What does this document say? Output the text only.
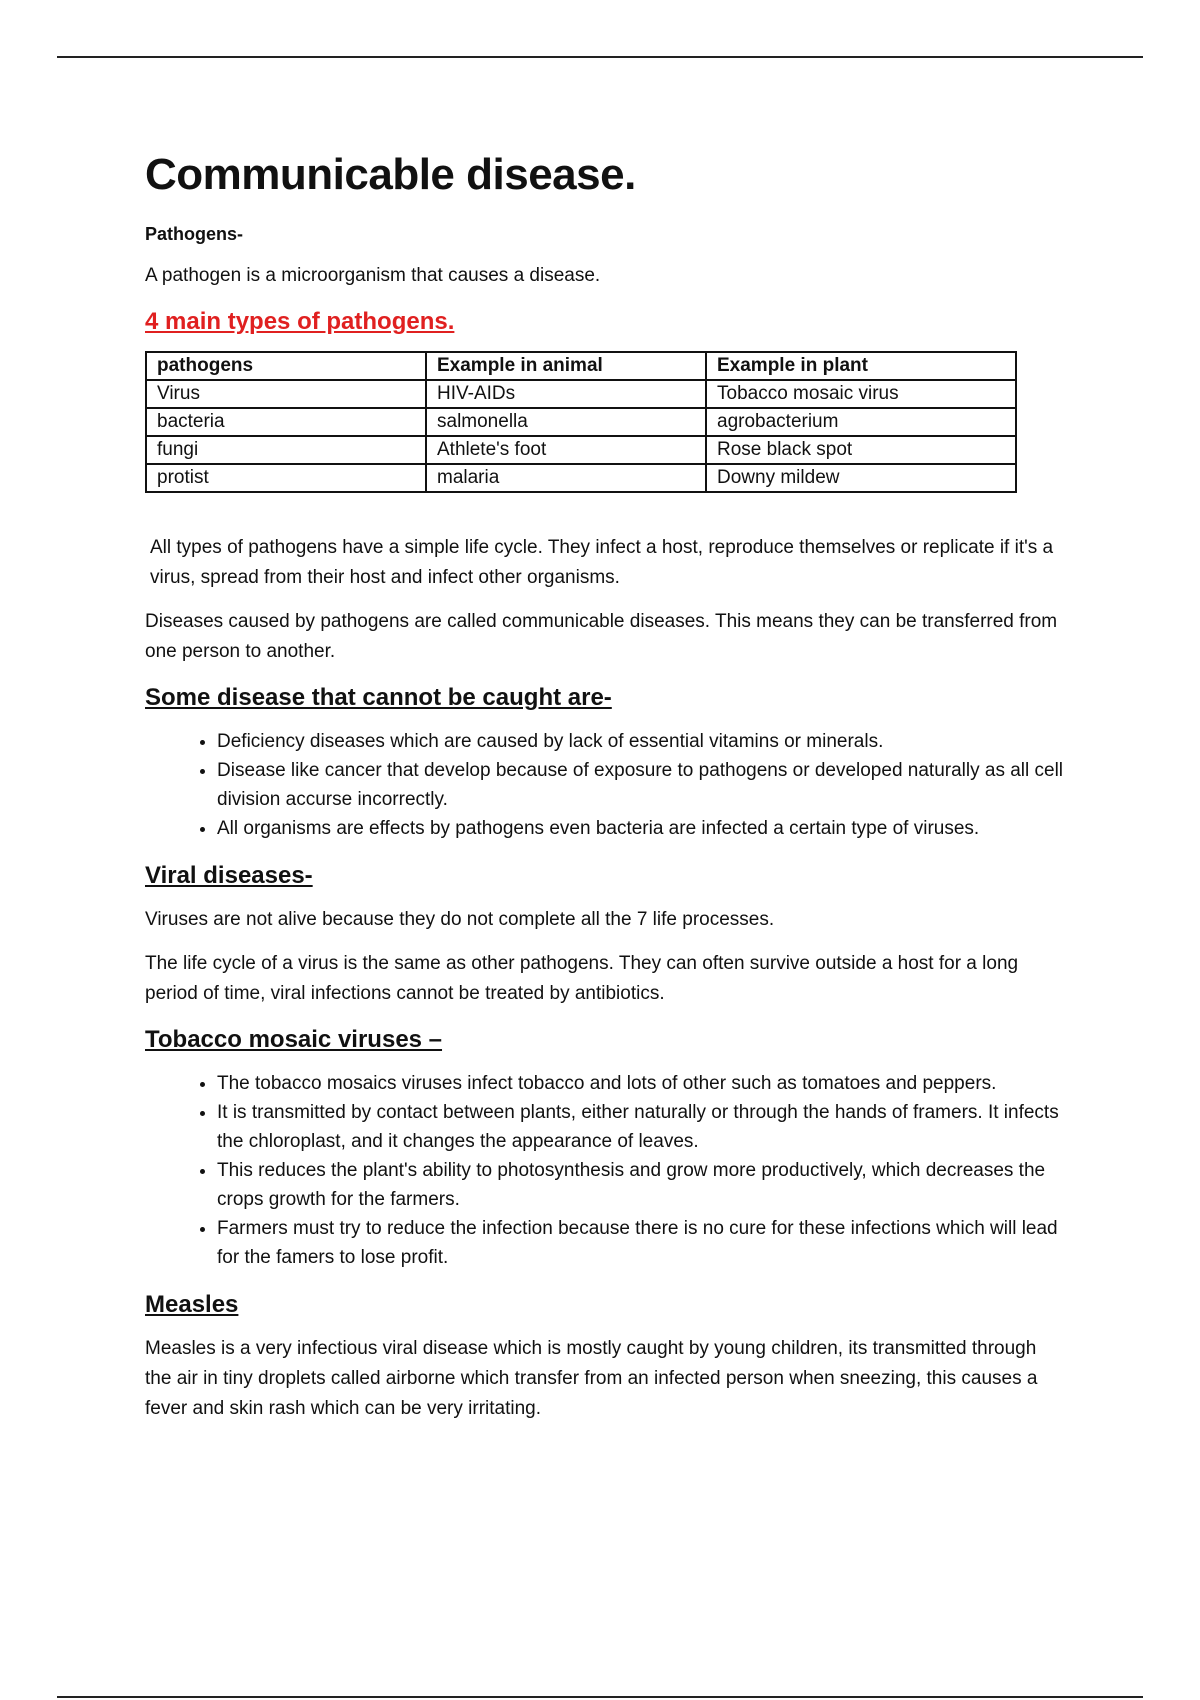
Communicable disease.
Pathogens-

A pathogen is a microorganism that causes a disease.

4 main types of pathogens.
pathogens	Example in animal	Example in plant
Virus	HIV-AIDs	Tobacco mosaic virus
bacteria	salmonella	agrobacterium
fungi	Athlete's foot	Rose black spot
protist	malaria	Downy mildew

All types of pathogens have a simple life cycle. They infect a host, reproduce themselves or replicate if it's a virus, spread from their host and infect other organisms.

Diseases caused by pathogens are called communicable diseases. This means they can be transferred from one person to another.

Some disease that cannot be caught are-
• Deficiency diseases which are caused by lack of essential vitamins or minerals.
• Disease like cancer that develop because of exposure to pathogens or developed naturally as all cell division accurse incorrectly.
• All organisms are effects by pathogens even bacteria are infected a certain type of viruses.
Viral diseases-

Viruses are not alive because they do not complete all the 7 life processes.

The life cycle of a virus is the same as other pathogens. They can often survive outside a host for a long period of time, viral infections cannot be treated by antibiotics.

Tobacco mosaic viruses –
• The tobacco mosaics viruses infect tobacco and lots of other such as tomatoes and peppers.
• It is transmitted by contact between plants, either naturally or through the hands of framers. It infects the chloroplast, and it changes the appearance of leaves.
• This reduces the plant's ability to photosynthesis and grow more productively, which decreases the crops growth for the farmers.
• Farmers must try to reduce the infection because there is no cure for these infections which will lead for the famers to lose profit.
Measles

Measles is a very infectious viral disease which is mostly caught by young children, its transmitted through the air in tiny droplets called airborne which transfer from an infected person when sneezing, this causes a fever and skin rash which can be very irritating.
